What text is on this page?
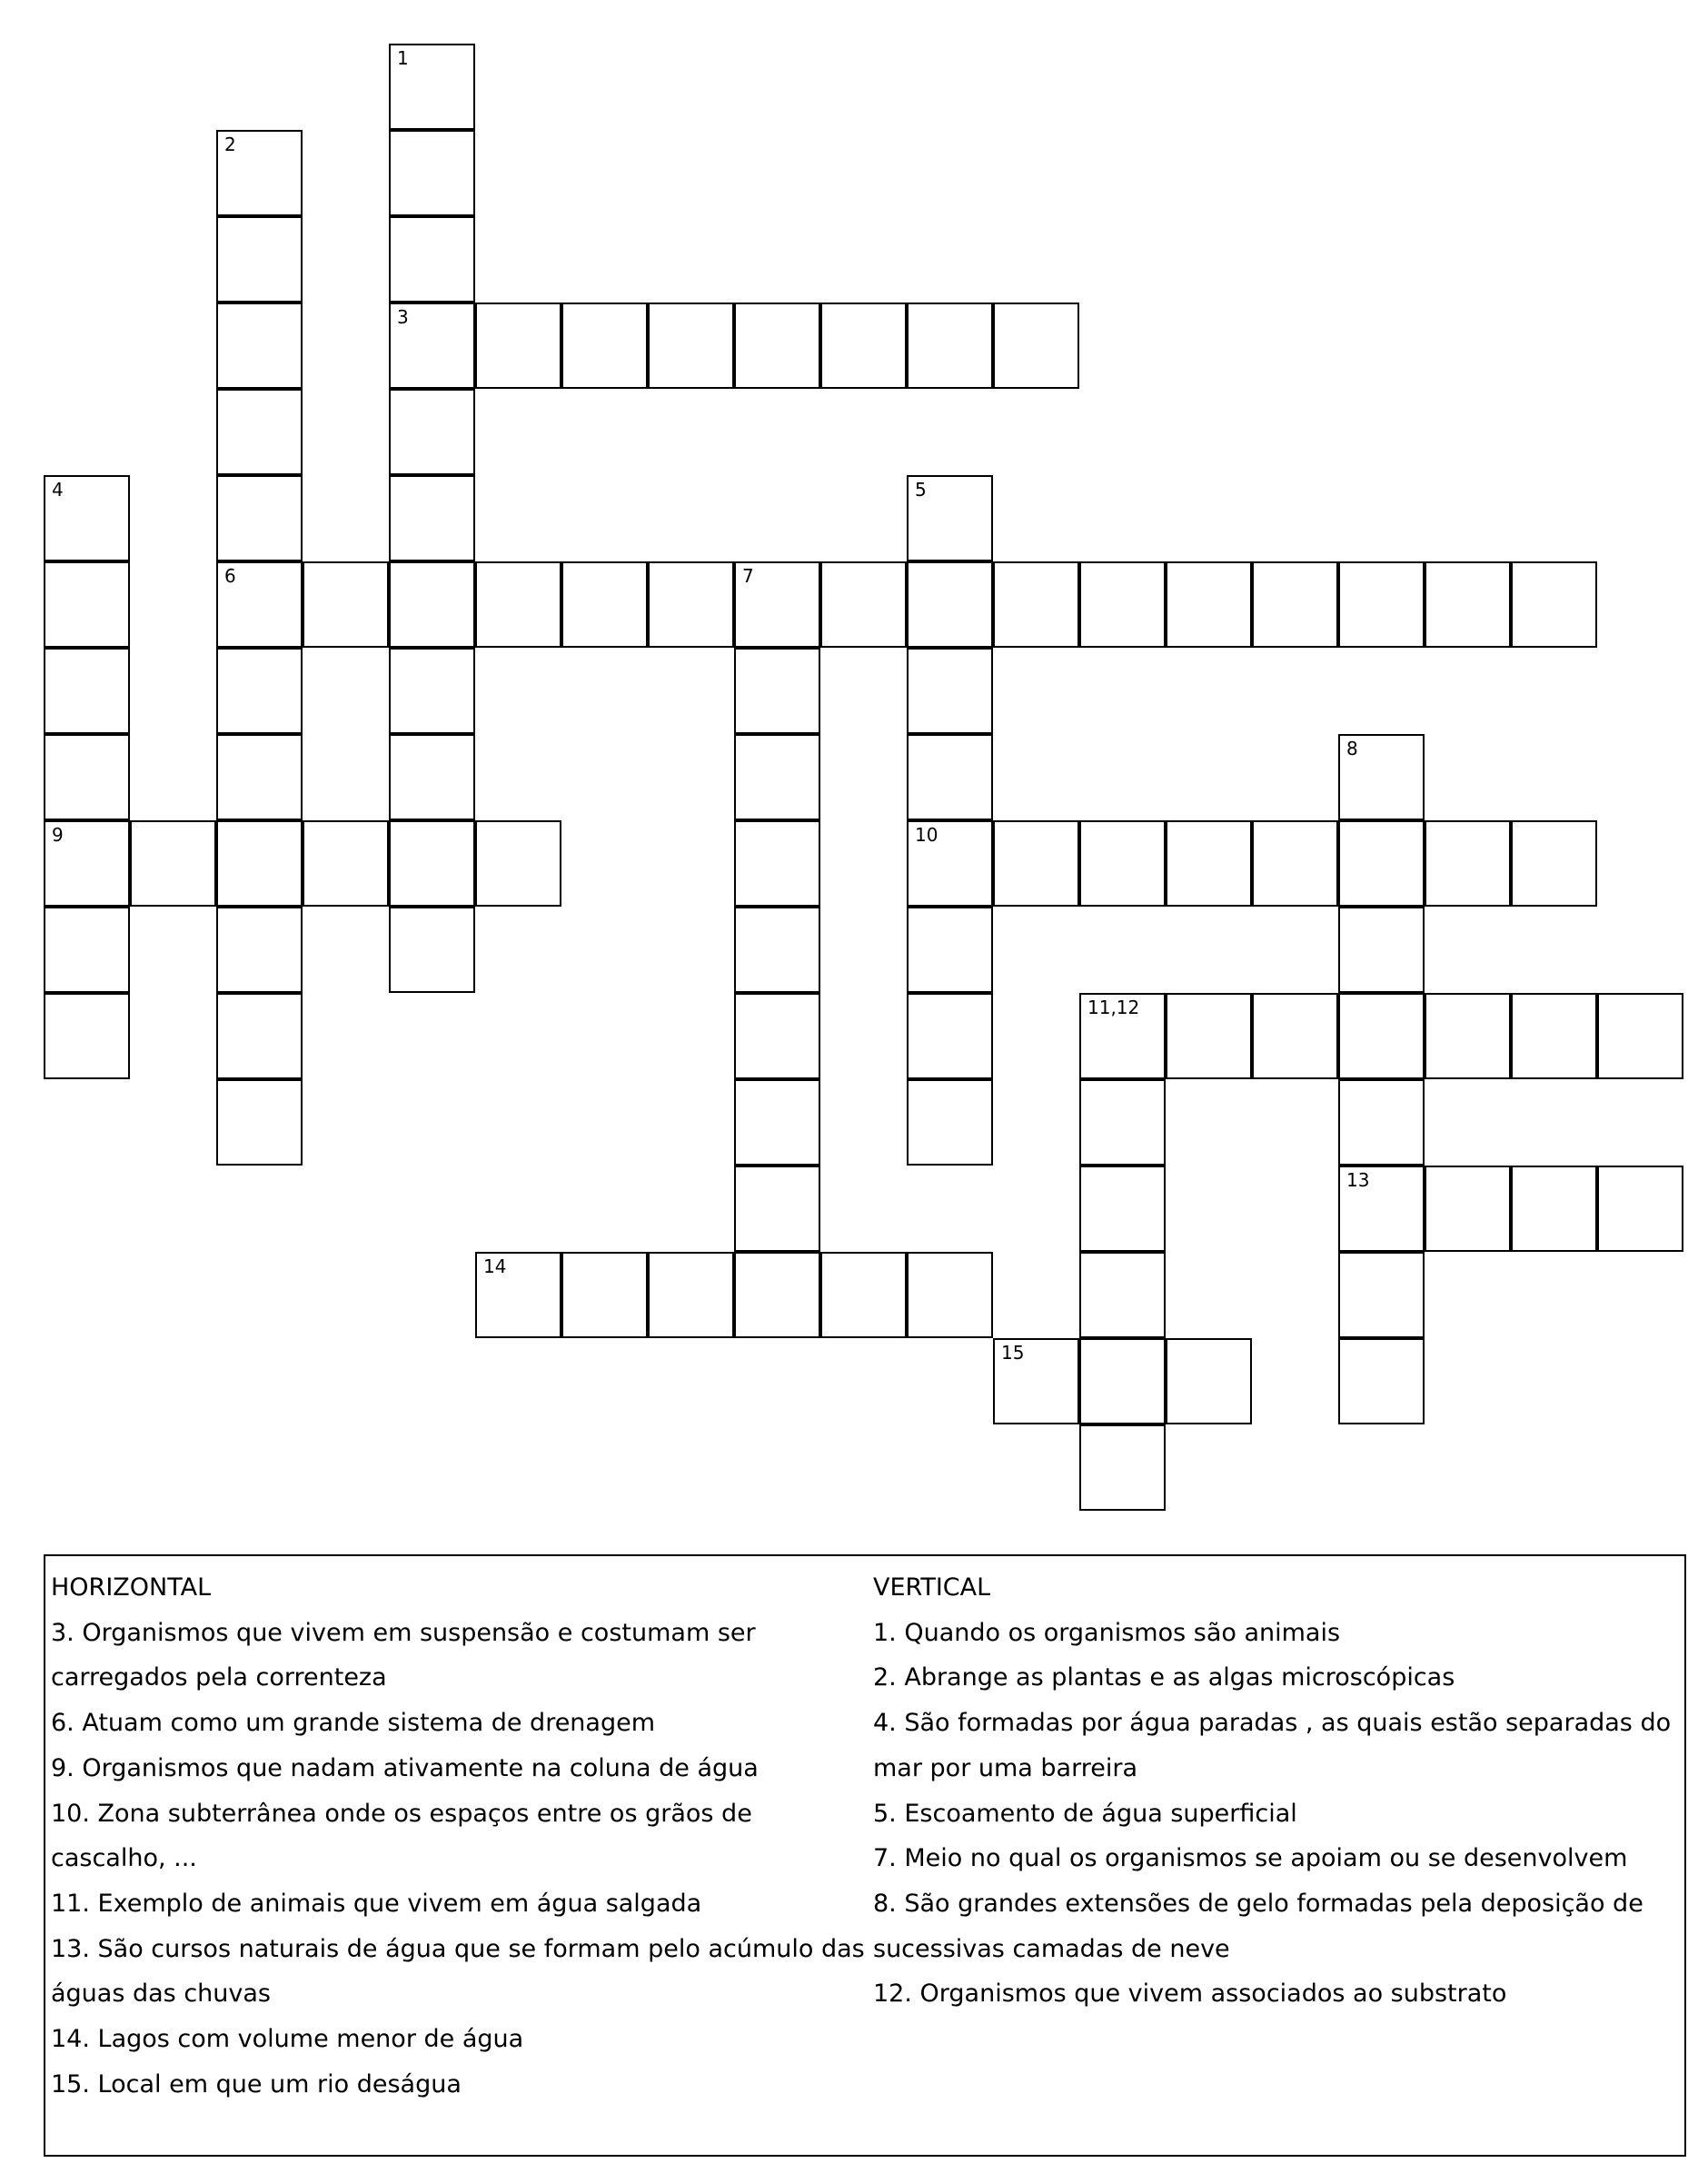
1
2
3
4	5
6	7
8
9	10
11,12
13
14
15
HORIZONTAL
3. Organismos que vivem em suspensão e costumam ser
carregados pela correnteza
6. Atuam como um grande sistema de drenagem
9. Organismos que nadam ativamente na coluna de água
10. Zona subterrânea onde os espaços entre os grãos de
cascalho, ...
11. Exemplo de animais que vivem em água salgada
13. São cursos naturais de água que se formam pelo acúmulo das
águas das chuvas
14. Lagos com volume menor de água
15. Local em que um rio deságua
VERTICAL
1. Quando os organismos são animais
2. Abrange as plantas e as algas microscópicas
4. São formadas por água paradas , as quais estão separadas do
mar por uma barreira
5. Escoamento de água superficial
7. Meio no qual os organismos se apoiam ou se desenvolvem
8. São grandes extensões de gelo formadas pela deposição de
sucessivas camadas de neve
12. Organismos que vivem associados ao substrato
